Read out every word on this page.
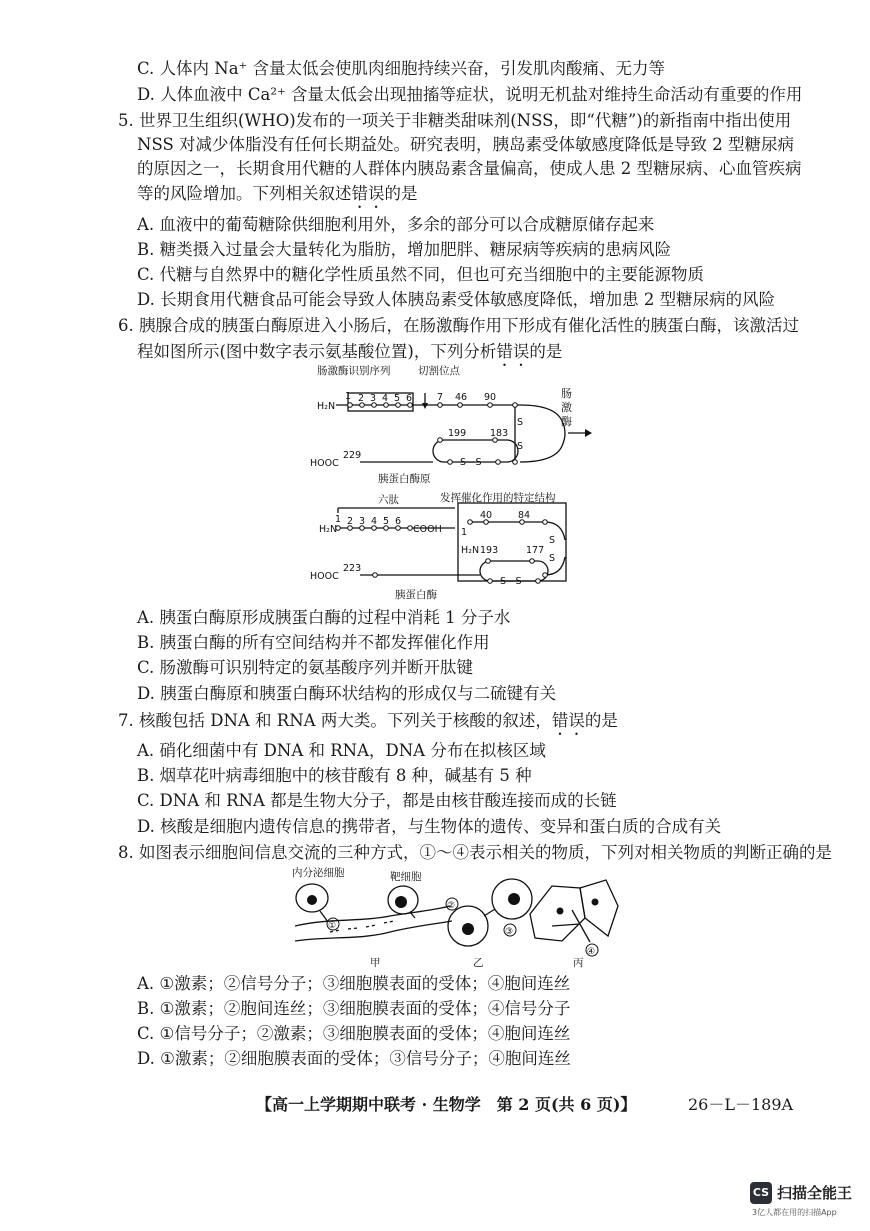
C. 人体内 Na⁺ 含量太低会使肌肉细胞持续兴奋，引发肌肉酸痛、无力等
D. 人体血液中 Ca²⁺ 含量太低会出现抽搐等症状，说明无机盐对维持生命活动有重要的作用
5. 世界卫生组织(WHO)发布的一项关于非糖类甜味剂(NSS，即“代糖”)的新指南中指出使用
NSS 对减少体脂没有任何长期益处。研究表明，胰岛素受体敏感度降低是导致 2 型糖尿病
的原因之一，长期食用代糖的人群体内胰岛素含量偏高，使成人患 2 型糖尿病、心血管疾病
等的风险增加。下列相关叙述错误的是
A. 血液中的葡萄糖除供细胞利用外，多余的部分可以合成糖原储存起来
B. 糖类摄入过量会大量转化为脂肪，增加肥胖、糖尿病等疾病的患病风险
C. 代糖与自然界中的糖化学性质虽然不同，但也可充当细胞中的主要能源物质
D. 长期食用代糖食品可能会导致人体胰岛素受体敏感度降低，增加患 2 型糖尿病的风险
6. 胰腺合成的胰蛋白酶原进入小肠后，在肠激酶作用下形成有催化活性的胰蛋白酶，该激活过
程如图所示(图中数字表示氨基酸位置)，下列分析错误的是
肠激酶识别序列	切割位点
H₂N
1 2 3 4 5 6	7 46 90
199	183
229
HOOC
S
S
S—S
肠
激
酶
胰蛋白酶原
六肽	发挥催化作用的特定结构
H₂N
1 2 3 4 5 6
COOH 1
40	84
H₂N 193	177
223
HOOC
S
S
S—S
胰蛋白酶
A. 胰蛋白酶原形成胰蛋白酶的过程中消耗 1 分子水
B. 胰蛋白酶的所有空间结构并不都发挥催化作用
C. 肠激酶可识别特定的氨基酸序列并断开肽键
D. 胰蛋白酶原和胰蛋白酶环状结构的形成仅与二硫键有关
7. 核酸包括 DNA 和 RNA 两大类。下列关于核酸的叙述，错误的是
A. 硝化细菌中有 DNA 和 RNA，DNA 分布在拟核区域
B. 烟草花叶病毒细胞中的核苷酸有 8 种，碱基有 5 种
C. DNA 和 RNA 都是生物大分子，都是由核苷酸连接而成的长链
D. 核酸是细胞内遗传信息的携带者，与生物体的遗传、变异和蛋白质的合成有关
8. 如图表示细胞间信息交流的三种方式，①～④表示相关的物质，下列对相关物质的判断正确的是
内分泌细胞	靶细胞
①
②
③
④
甲	乙	丙
A. ①激素；②信号分子；③细胞膜表面的受体；④胞间连丝
B. ①激素；②胞间连丝；③细胞膜表面的受体；④信号分子
C. ①信号分子；②激素；③细胞膜表面的受体；④胞间连丝
D. ①激素；②细胞膜表面的受体；③信号分子；④胞间连丝
【高一上学期期中联考 · 生物学　第 2 页(共 6 页)】	26－L－189A
CS 扫描全能王
3亿人都在用的扫描App
